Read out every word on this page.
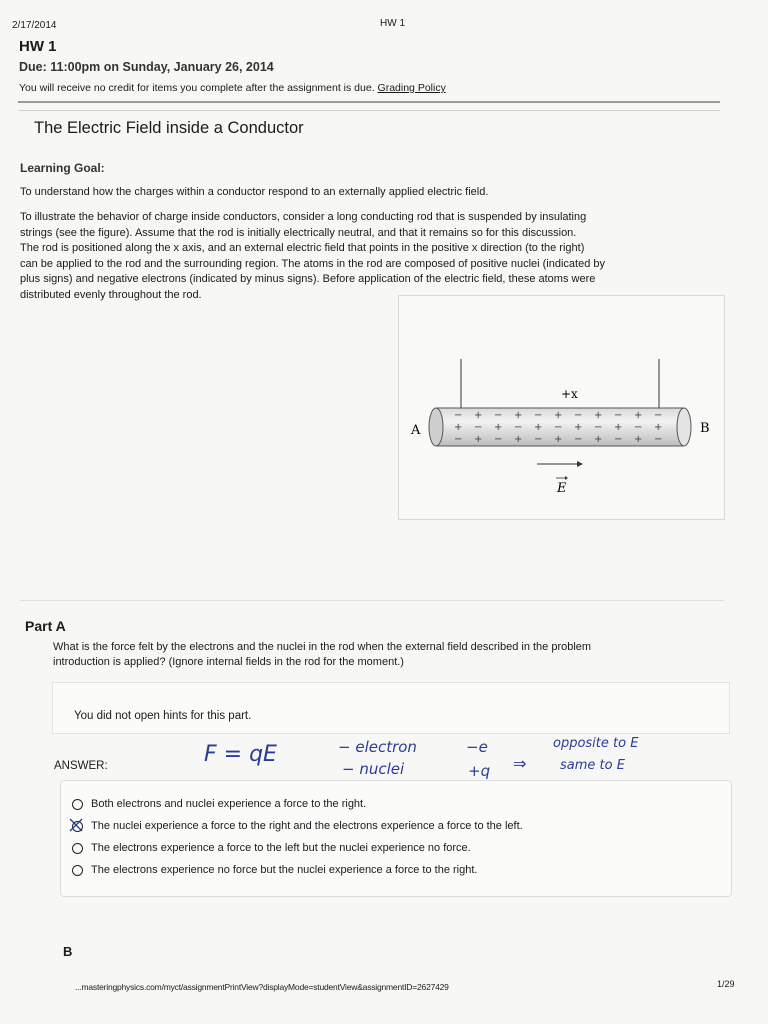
2/17/2014	HW 1
HW 1
Due: 11:00pm on Sunday, January 26, 2014
You will receive no credit for items you complete after the assignment is due. Grading Policy
The Electric Field inside a Conductor
Learning Goal:
To understand how the charges within a conductor respond to an externally applied electric field.
To illustrate the behavior of charge inside conductors, consider a long conducting rod that is suspended by insulating
strings (see the figure). Assume that the rod is initially electrically neutral, and that it remains so for this discussion.
The rod is positioned along the x axis, and an external electric field that points in the positive x direction (to the right)
can be applied to the rod and the surrounding region. The atoms in the rod are composed of positive nuclei (indicated by
plus signs) and negative electrons (indicated by minus signs). Before application of the electric field, these atoms were
distributed evenly throughout the rod.
− + − + − + − + − + −
+ − + − + − + − + − +
− + − + − + − + − + −
+x
A	B
E
Part A
What is the force felt by the electrons and the nuclei in the rod when the external field described in the problem
introduction is applied? (Ignore internal fields in the rod for the moment.)
You did not open hints for this part.
ANSWER:	F = qE	− electron
− nuclei
−e
+q ⇒
opposite to E
same to E
Both electrons and nuclei experience a force to the right.
The nuclei experience a force to the right and the electrons experience a force to the left.
The electrons experience a force to the left but the nuclei experience no force.
The electrons experience no force but the nuclei experience a force to the right.
B
...masteringphysics.com/myct/assignmentPrintView?displayMode=studentView&assignmentID=2627429	1/29
